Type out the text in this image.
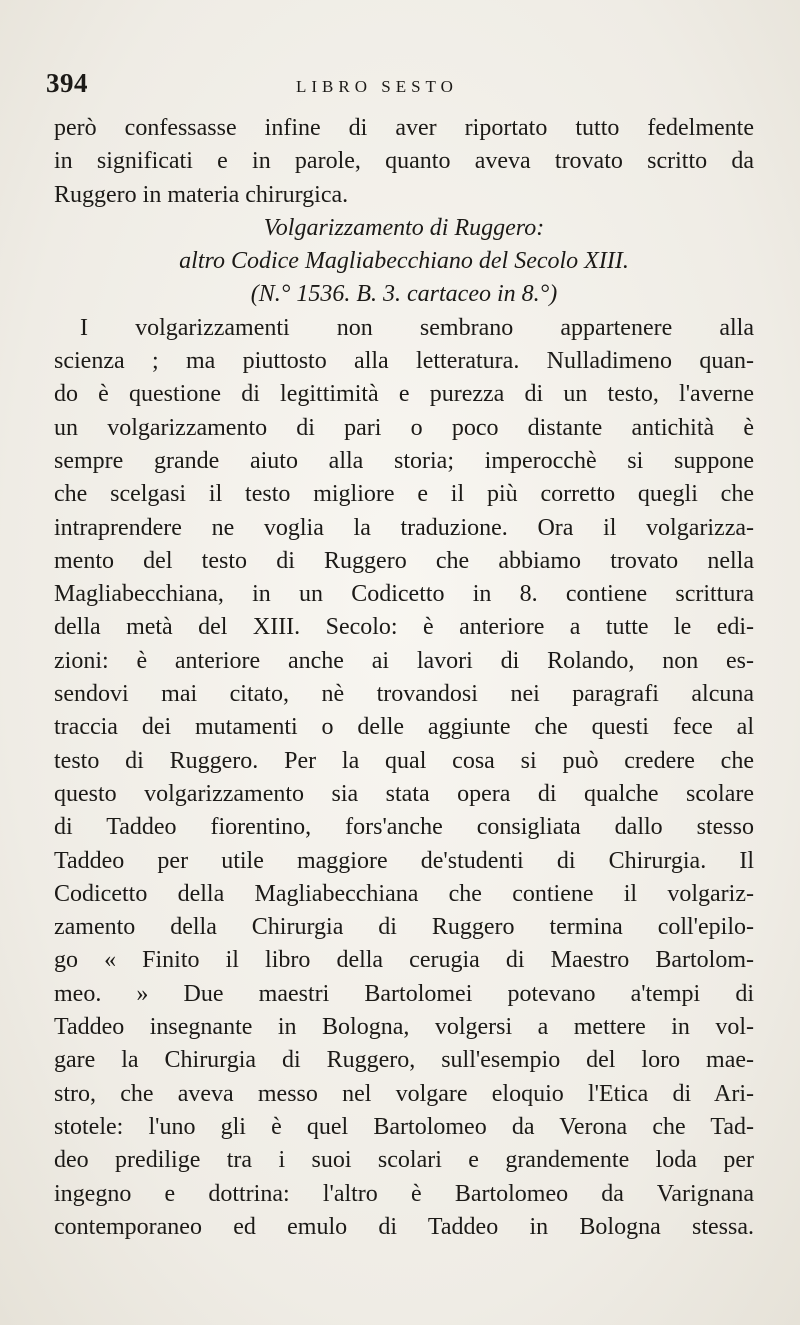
394	LIBRO SESTO
però confessasse infine di aver riportato tutto fedelmente
in significati e in parole, quanto aveva trovato scritto da
Ruggero in materia chirurgica.
Volgarizzamento di Ruggero:
altro Codice Magliabecchiano del Secolo XIII.
(N.° 1536. B. 3. cartaceo in 8.°)
I volgarizzamenti non sembrano appartenere alla
scienza ; ma piuttosto alla letteratura. Nulladimeno quan-
do è questione di legittimità e purezza di un testo, l'averne
un volgarizzamento di pari o poco distante antichità è
sempre grande aiuto alla storia; imperocchè si suppone
che scelgasi il testo migliore e il più corretto quegli che
intraprendere ne voglia la traduzione. Ora il volgarizza-
mento del testo di Ruggero che abbiamo trovato nella
Magliabecchiana, in un Codicetto in 8. contiene scrittura
della metà del XIII. Secolo: è anteriore a tutte le edi-
zioni: è anteriore anche ai lavori di Rolando, non es-
sendovi mai citato, nè trovandosi nei paragrafi alcuna
traccia dei mutamenti o delle aggiunte che questi fece al
testo di Ruggero. Per la qual cosa si può credere che
questo volgarizzamento sia stata opera di qualche scolare
di Taddeo fiorentino, fors'anche consigliata dallo stesso
Taddeo per utile maggiore de'studenti di Chirurgia. Il
Codicetto della Magliabecchiana che contiene il volgariz-
zamento della Chirurgia di Ruggero termina coll'epilo-
go « Finito il libro della cerugia di Maestro Bartolom-
meo. » Due maestri Bartolomei potevano a'tempi di
Taddeo insegnante in Bologna, volgersi a mettere in vol-
gare la Chirurgia di Ruggero, sull'esempio del loro mae-
stro, che aveva messo nel volgare eloquio l'Etica di Ari-
stotele: l'uno gli è quel Bartolomeo da Verona che Tad-
deo predilige tra i suoi scolari e grandemente loda per
ingegno e dottrina: l'altro è Bartolomeo da Varignana
contemporaneo ed emulo di Taddeo in Bologna stessa.
